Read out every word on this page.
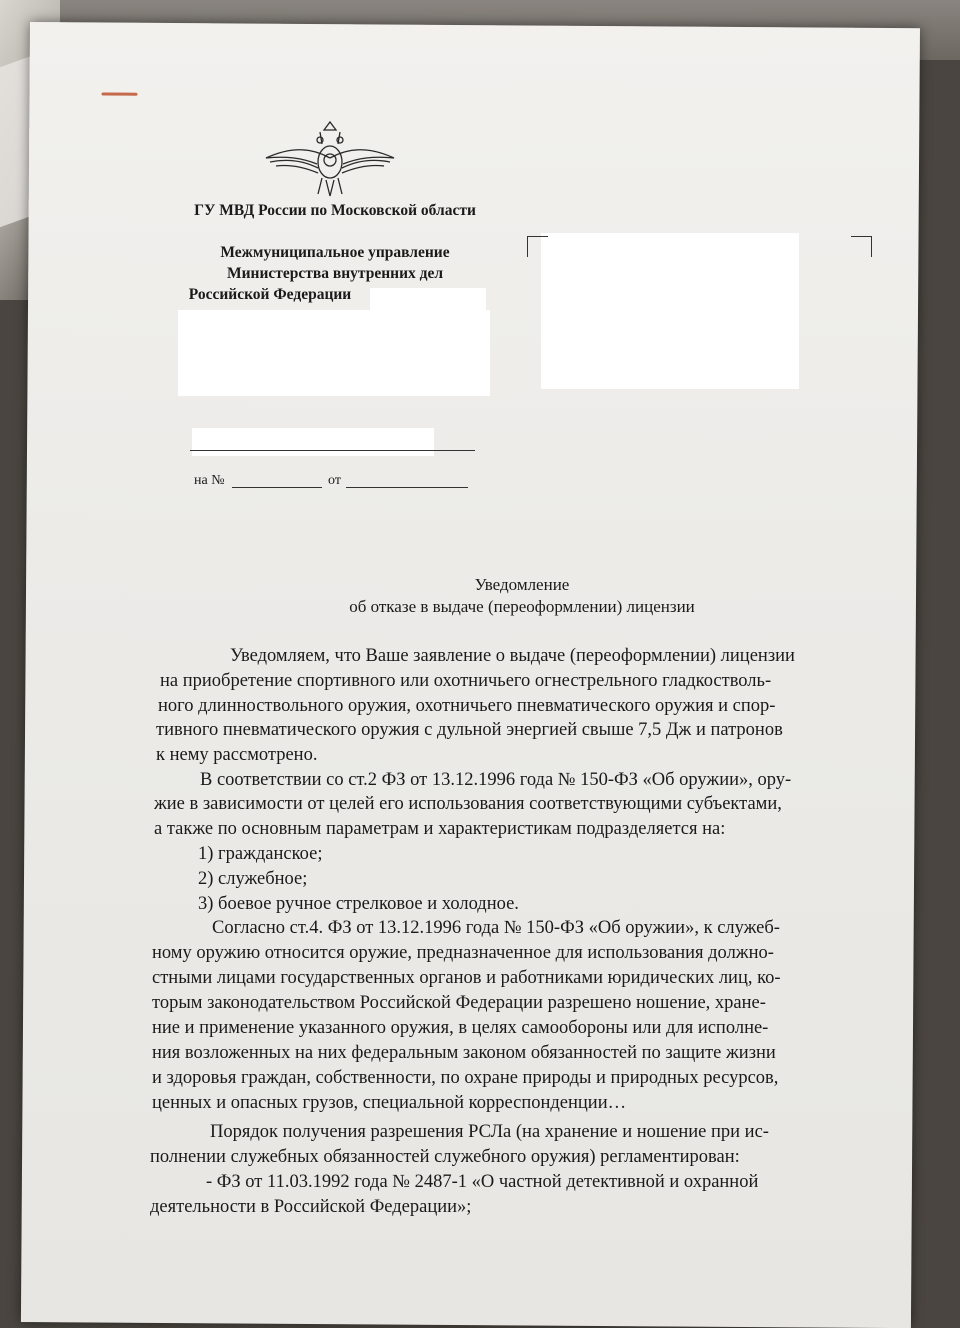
ГУ МВД России по Московской области
Межмуниципальное управление
Министерства внутренних дел
Российской Федерации
на №	от
Уведомление
об отказе в выдаче (переоформлении) лицензии
Уведомляем, что Ваше заявление о выдаче (переоформлении) лицензии
на приобретение спортивного или охотничьего огнестрельного гладкостволь-
ного длинноствольного оружия, охотничьего пневматического оружия и спор-
тивного пневматического оружия с дульной энергией свыше 7,5 Дж и патронов
к нему рассмотрено.
В соответствии со ст.2 ФЗ от 13.12.1996 года № 150-ФЗ «Об оружии», ору-
жие в зависимости от целей его использования соответствующими субъектами,
а также по основным параметрам и характеристикам подразделяется на:
1) гражданское;
2) служебное;
3) боевое ручное стрелковое и холодное.
Согласно ст.4. ФЗ от 13.12.1996 года № 150-ФЗ «Об оружии», к служеб-
ному оружию относится оружие, предназначенное для использования должно-
стными лицами государственных органов и работниками юридических лиц, ко-
торым законодательством Российской Федерации разрешено ношение, хране-
ние и применение указанного оружия, в целях самообороны или для исполне-
ния возложенных на них федеральным законом обязанностей по защите жизни
и здоровья граждан, собственности, по охране природы и природных ресурсов,
ценных и опасных грузов, специальной корреспонденции…
Порядок получения разрешения РСЛа (на хранение и ношение при ис-
полнении служебных обязанностей служебного оружия) регламентирован:
- ФЗ от 11.03.1992 года № 2487-1 «О частной детективной и охранной
деятельности в Российской Федерации»;
